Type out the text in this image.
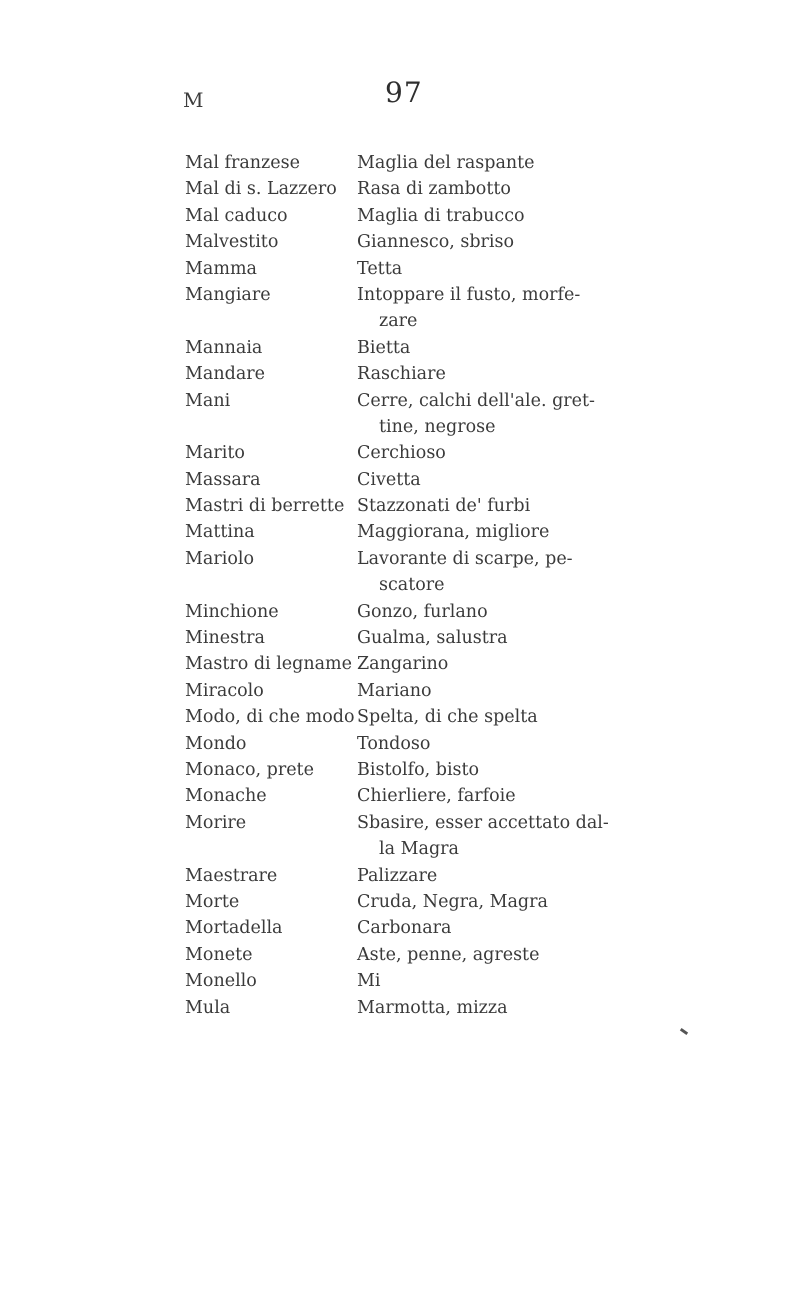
97
M
Mal franzese
Mal di s. Lazzero
Mal caduco
Malvestito
Mamma
Mangiare
Mannaia
Mandare
Mani
Marito
Massara
Mastri di berrette
Mattina
Mariolo
Minchione
Minestra
Mastro di legname
Miracolo
Modo, di che modo
Mondo
Monaco, prete
Monache
Morire
Maestrare
Morte
Mortadella
Monete
Monello
Mula
Maglia del raspante
Rasa di zambotto
Maglia di trabucco
Giannesco, sbriso
Tetta
Intoppare il fusto, morfe-
zare
Bietta
Raschiare
Cerre, calchi dell'ale. gret-
tine, negrose
Cerchioso
Civetta
Stazzonati de' furbi
Maggiorana, migliore
Lavorante di scarpe, pe-
scatore
Gonzo, furlano
Gualma, salustra
Zangarino
Mariano
Spelta, di che spelta
Tondoso
Bistolfo, bisto
Chierliere, farfoie
Sbasire, esser accettato dal-
la Magra
Palizzare
Cruda, Negra, Magra
Carbonara
Aste, penne, agreste
Mi
Marmotta, mizza
